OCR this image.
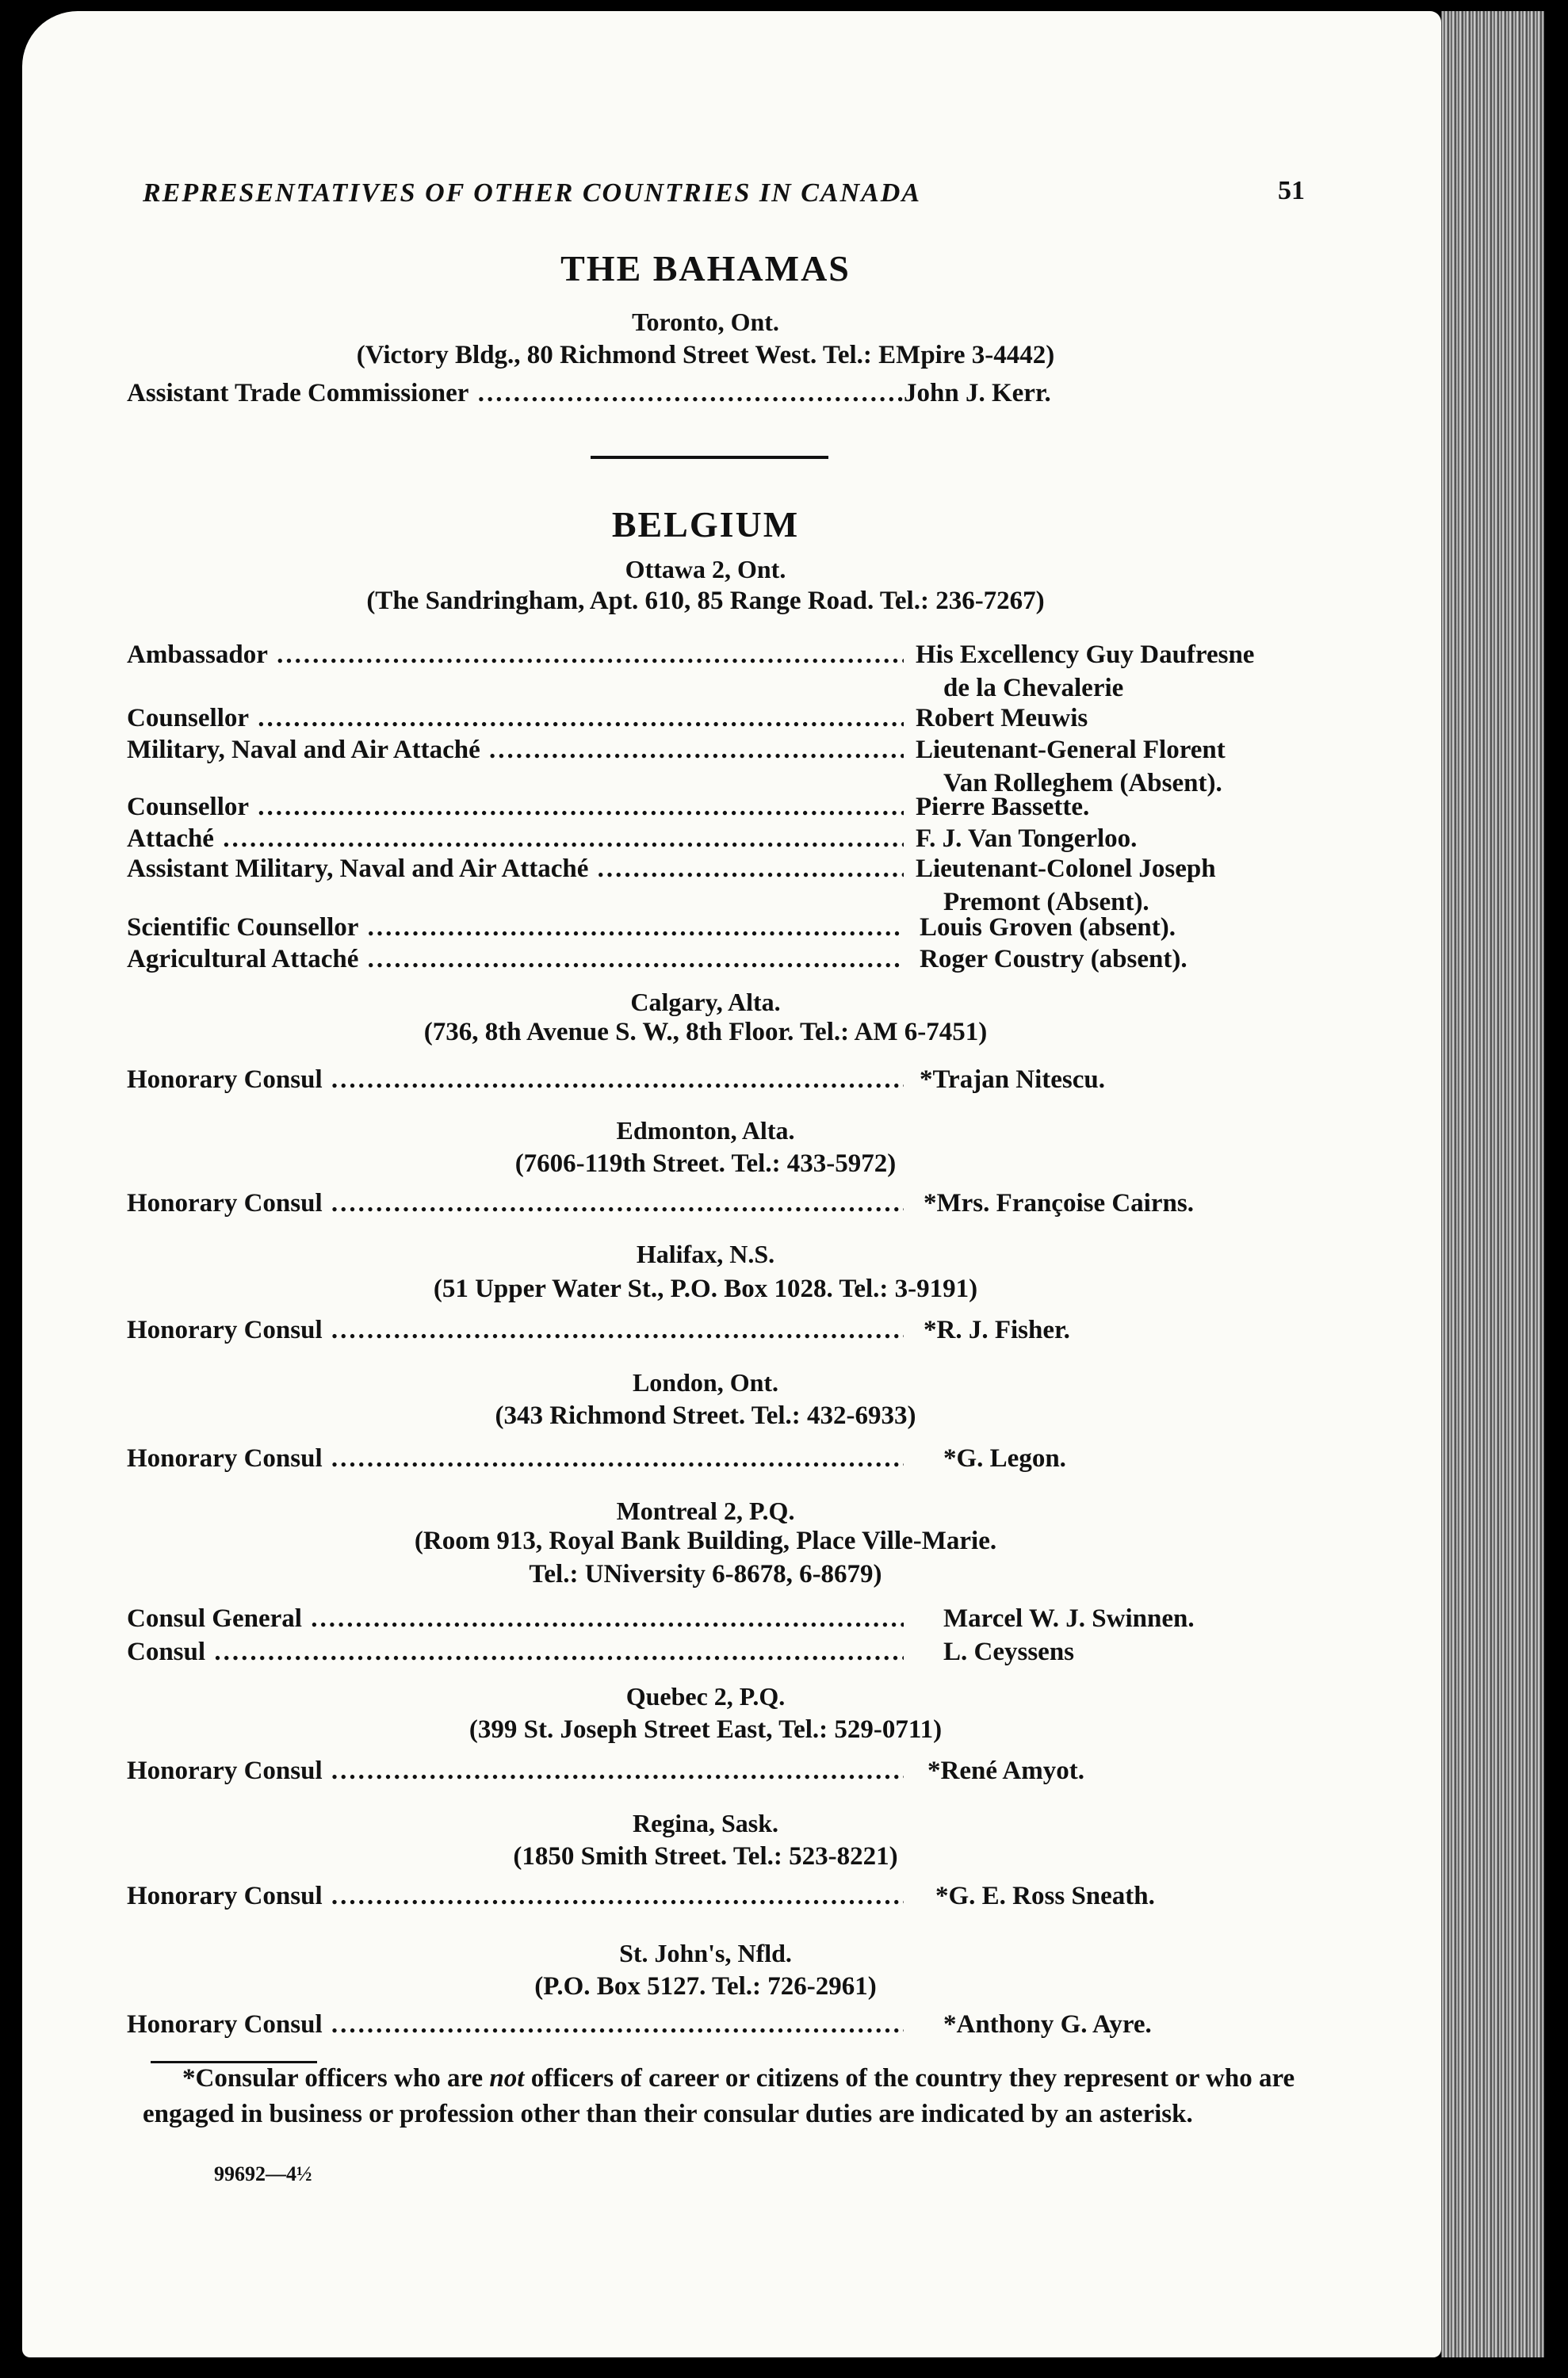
REPRESENTATIVES OF OTHER COUNTRIES IN CANADA	51
THE BAHAMAS
Toronto, Ont.
(Victory Bldg., 80 Richmond Street West. Tel.: EMpire 3-4442)
Assistant Trade Commissioner .....	John J. Kerr.
BELGIUM
Ottawa 2, Ont.
(The Sandringham, Apt. 610, 85 Range Road. Tel.: 236-7267)
Ambassador .....	His Excellency Guy Daufresne
de la Chevalerie
Counsellor .....	Robert Meuwis
Military, Naval and Air Attaché .....	Lieutenant-General Florent
Van Rolleghem (Absent).
Counsellor .....	Pierre Bassette.
Attaché .....	F. J. Van Tongerloo.
Assistant Military, Naval and Air Attaché .....	Lieutenant-Colonel Joseph
Premont (Absent).
Scientific Counsellor .....	Louis Groven (absent).
Agricultural Attaché .....	Roger Coustry (absent).
Calgary, Alta.
(736, 8th Avenue S. W., 8th Floor. Tel.: AM 6-7451)
Honorary Consul .....	*Trajan Nitescu.
Edmonton, Alta.
(7606-119th Street. Tel.: 433-5972)
Honorary Consul .....	*Mrs. Françoise Cairns.
Halifax, N.S.
(51 Upper Water St., P.O. Box 1028. Tel.: 3-9191)
Honorary Consul .....	*R. J. Fisher.
London, Ont.
(343 Richmond Street. Tel.: 432-6933)
Honorary Consul .....	*G. Legon.
Montreal 2, P.Q.
(Room 913, Royal Bank Building, Place Ville-Marie.
Tel.: UNiversity 6-8678, 6-8679)
Consul General .....	Marcel W. J. Swinnen.
Consul .....	L. Ceyssens
Quebec 2, P.Q.
(399 St. Joseph Street East, Tel.: 529-0711)
Honorary Consul .....	*René Amyot.
Regina, Sask.
(1850 Smith Street. Tel.: 523-8221)
Honorary Consul .....	*G. E. Ross Sneath.
St. John's, Nfld.
(P.O. Box 5127. Tel.: 726-2961)
Honorary Consul .....	*Anthony G. Ayre.
*Consular officers who are not officers of career or citizens of the country they represent or who are engaged in business or profession other than their consular duties are indicated by an asterisk.
99692—4½
